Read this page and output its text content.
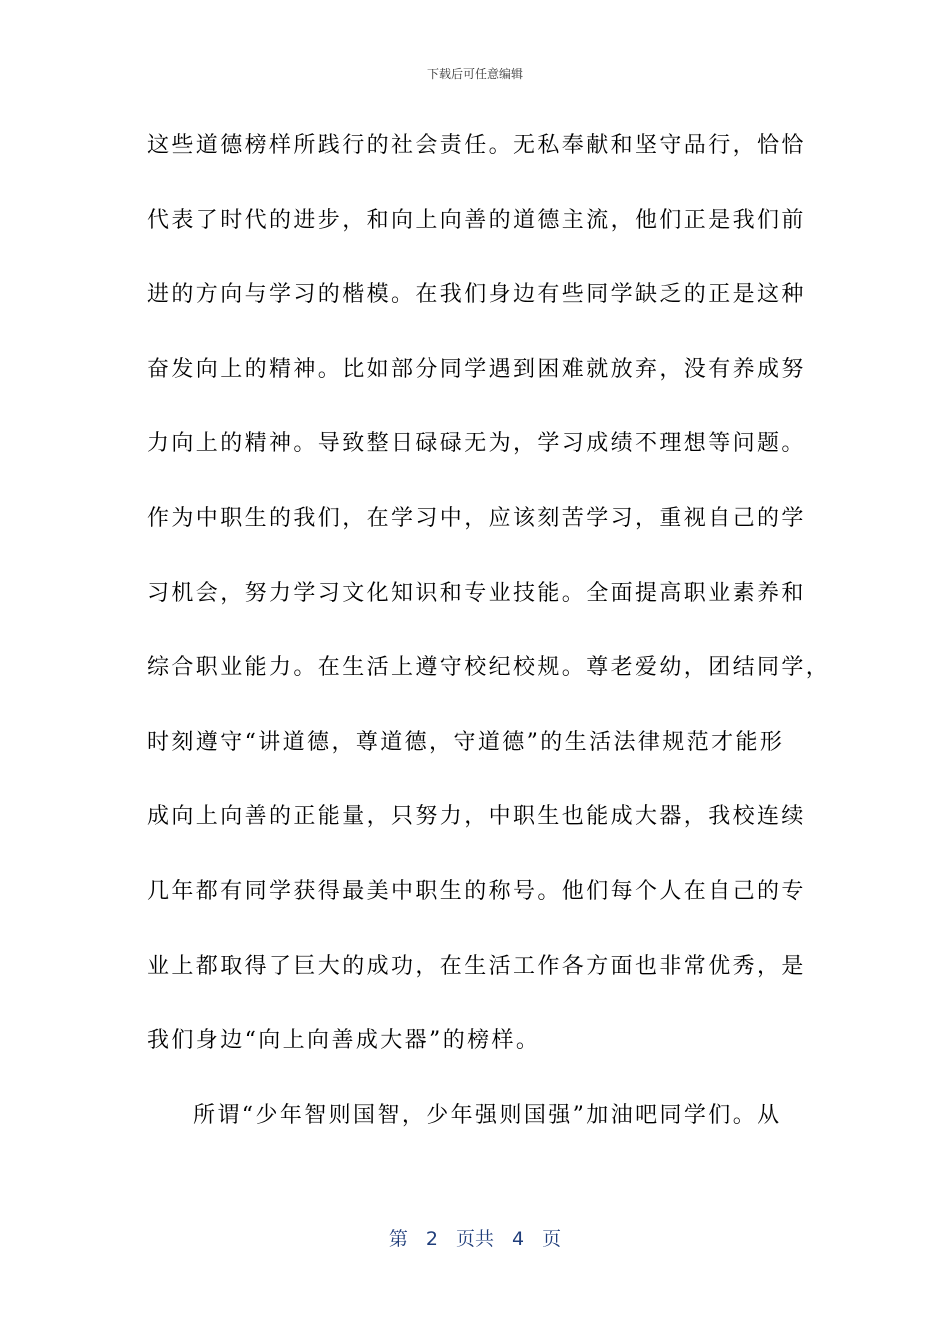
下载后可任意编辑
这些道德榜样所践行的社会责任。无私奉献和坚守品行，恰恰
代表了时代的进步，和向上向善的道德主流，他们正是我们前
进的方向与学习的楷模。在我们身边有些同学缺乏的正是这种
奋发向上的精神。比如部分同学遇到困难就放弃，没有养成努
力向上的精神。导致整日碌碌无为，学习成绩不理想等问题。
作为中职生的我们，在学习中，应该刻苦学习，重视自己的学
习机会，努力学习文化知识和专业技能。全面提高职业素养和
综合职业能力。在生活上遵守校纪校规。尊老爱幼，团结同学，
时刻遵守“讲道德，尊道德，守道德”的生活法律规范才能形
成向上向善的正能量，只努力，中职生也能成大器，我校连续
几年都有同学获得最美中职生的称号。他们每个人在自己的专
业上都取得了巨大的成功，在生活工作各方面也非常优秀，是
我们身边“向上向善成大器”的榜样。
所谓“少年智则国智，少年强则国强”加油吧同学们。从
第 2 页共 4 页
